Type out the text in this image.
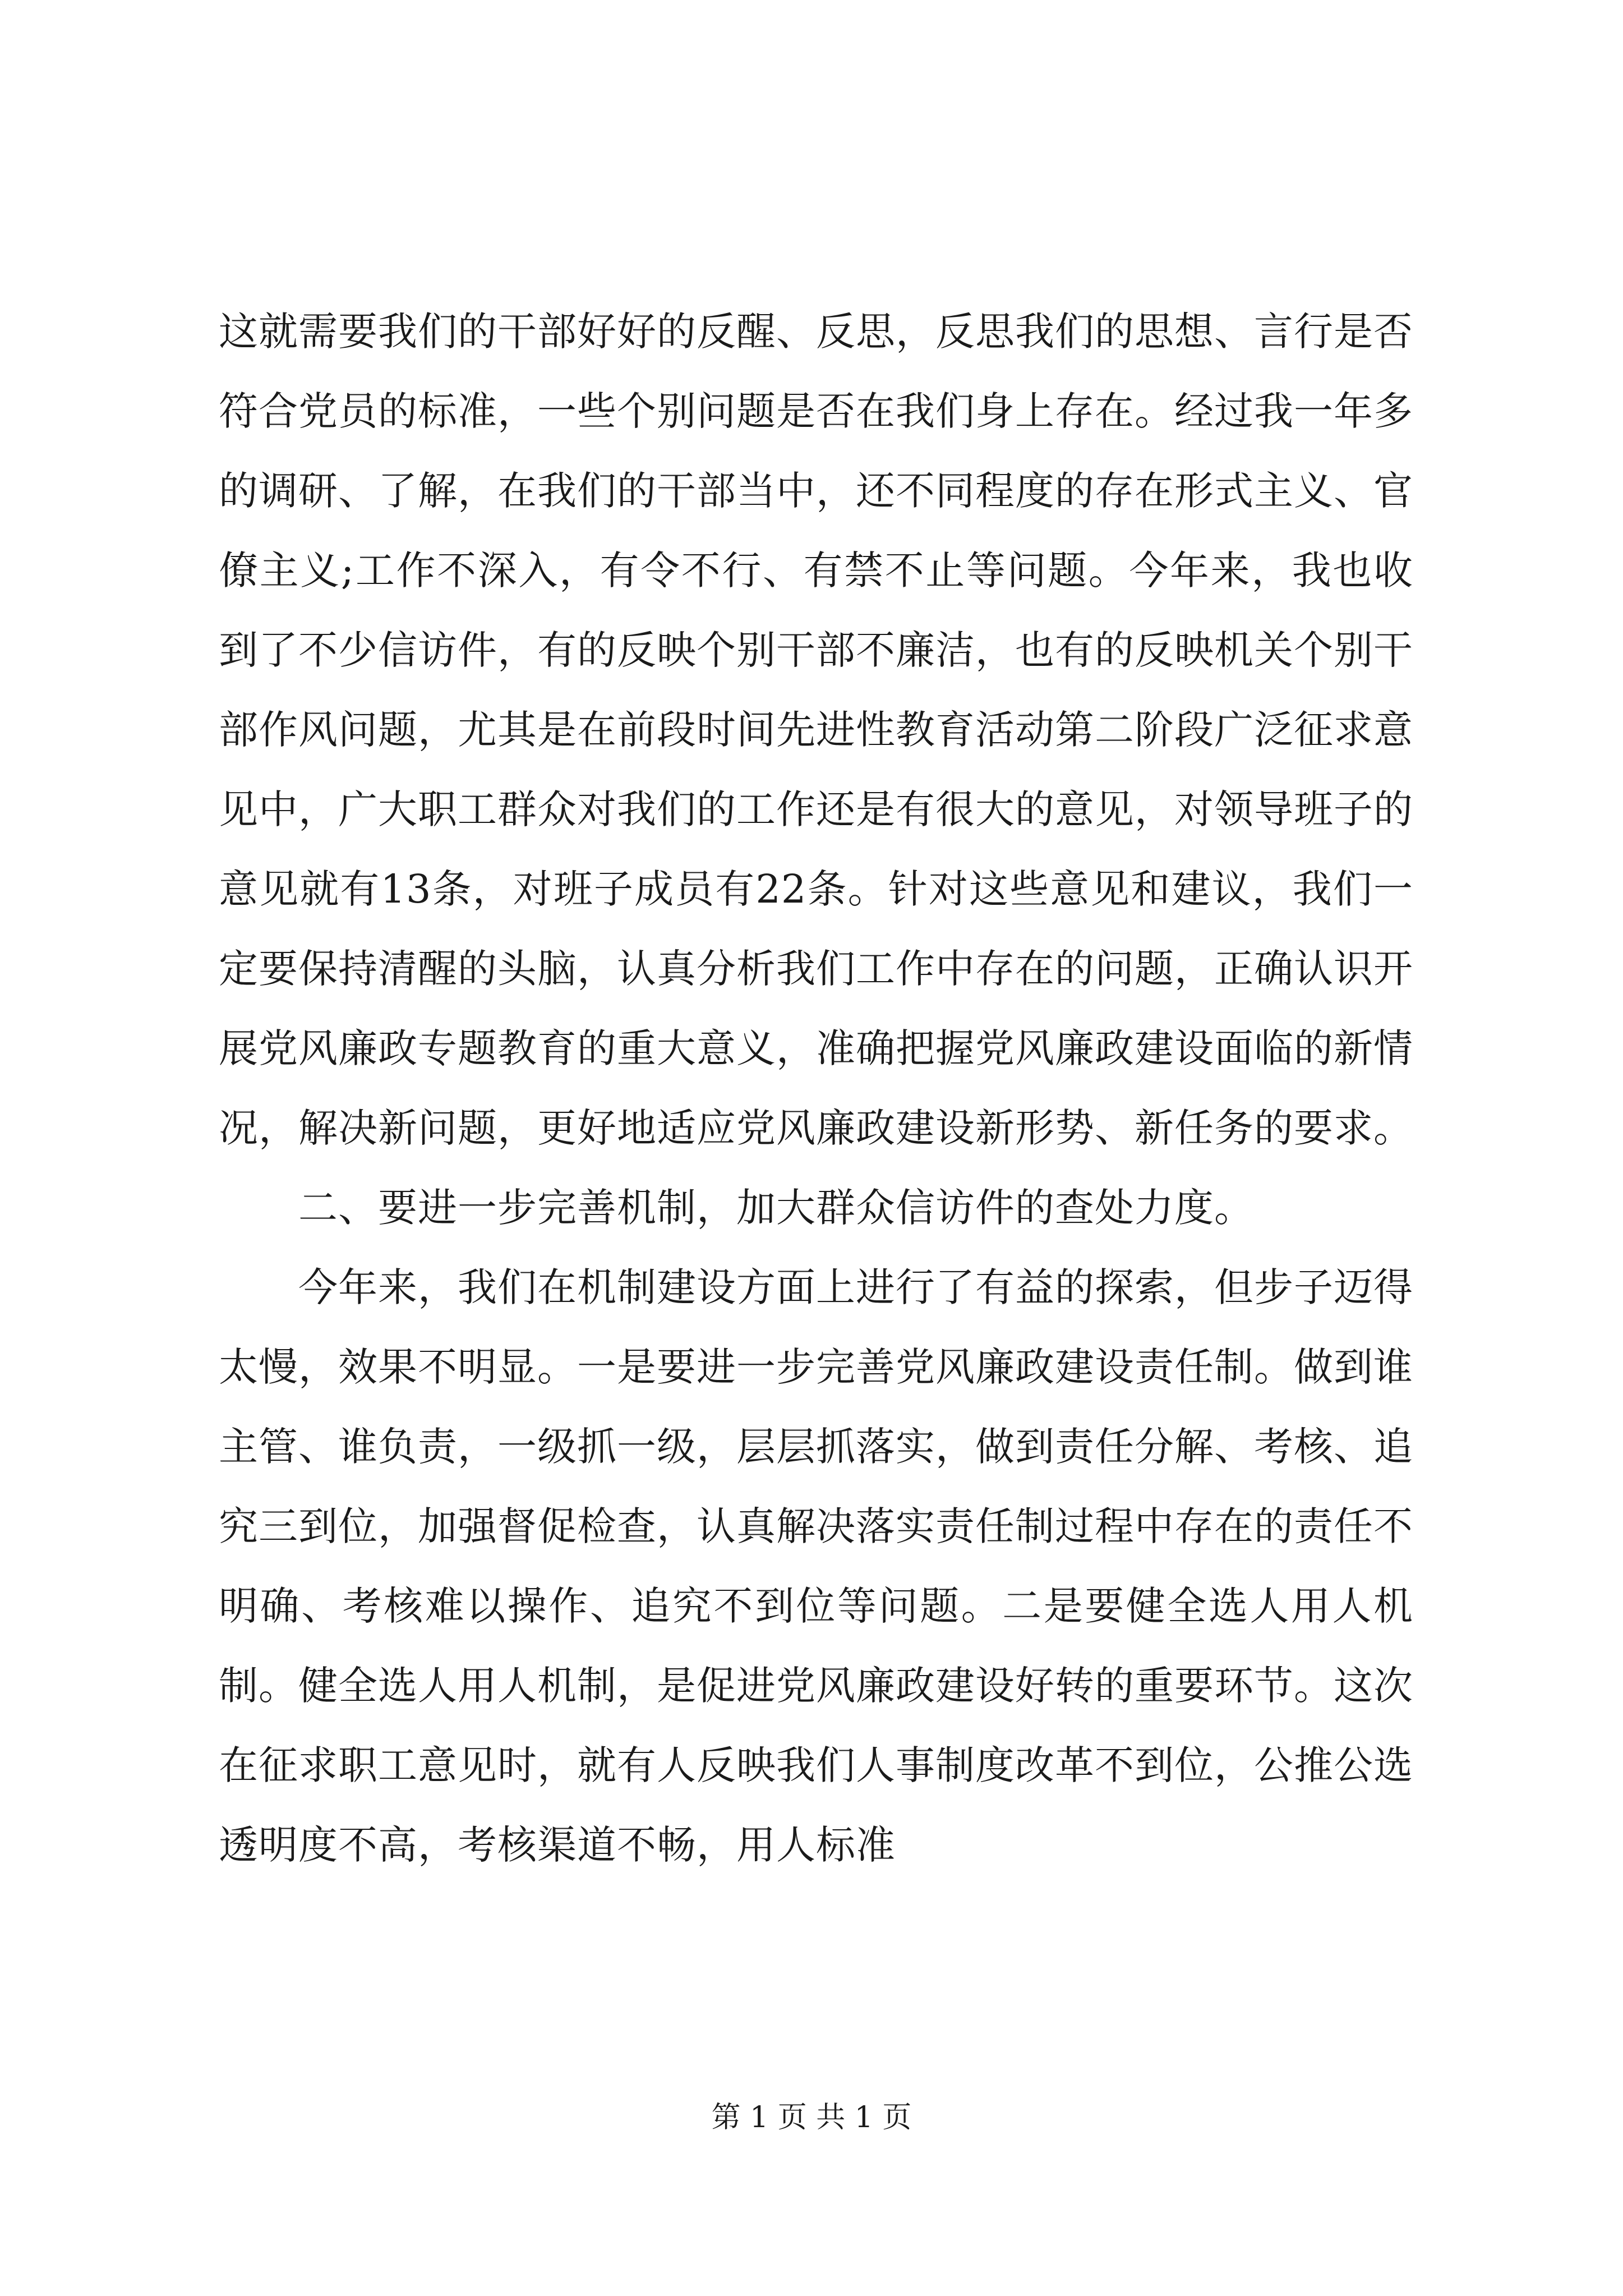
这就需要我们的干部好好的反醒、反思，反思我们的思想、言行是否符合党员的标准，一些个别问题是否在我们身上存在。经过我一年多的调研、了解，在我们的干部当中，还不同程度的存在形式主义、官僚主义;工作不深入，有令不行、有禁不止等问题。今年来，我也收到了不少信访件，有的反映个别干部不廉洁，也有的反映机关个别干部作风问题，尤其是在前段时间先进性教育活动第二阶段广泛征求意见中，广大职工群众对我们的工作还是有很大的意见，对领导班子的意见就有13条，对班子成员有22条。针对这些意见和建议，我们一定要保持清醒的头脑，认真分析我们工作中存在的问题，正确认识开展党风廉政专题教育的重大意义，准确把握党风廉政建设面临的新情况，解决新问题，更好地适应党风廉政建设新形势、新任务的要求。

二、要进一步完善机制，加大群众信访件的查处力度。

今年来，我们在机制建设方面上进行了有益的探索，但步子迈得太慢，效果不明显。一是要进一步完善党风廉政建设责任制。做到谁主管、谁负责，一级抓一级，层层抓落实，做到责任分解、考核、追究三到位，加强督促检查，认真解决落实责任制过程中存在的责任不明确、考核难以操作、追究不到位等问题。二是要健全选人用人机制。健全选人用人机制，是促进党风廉政建设好转的重要环节。这次在征求职工意见时，就有人反映我们人事制度改革不到位，公推公选透明度不高，考核渠道不畅，用人标准

第 1 页 共 1 页
